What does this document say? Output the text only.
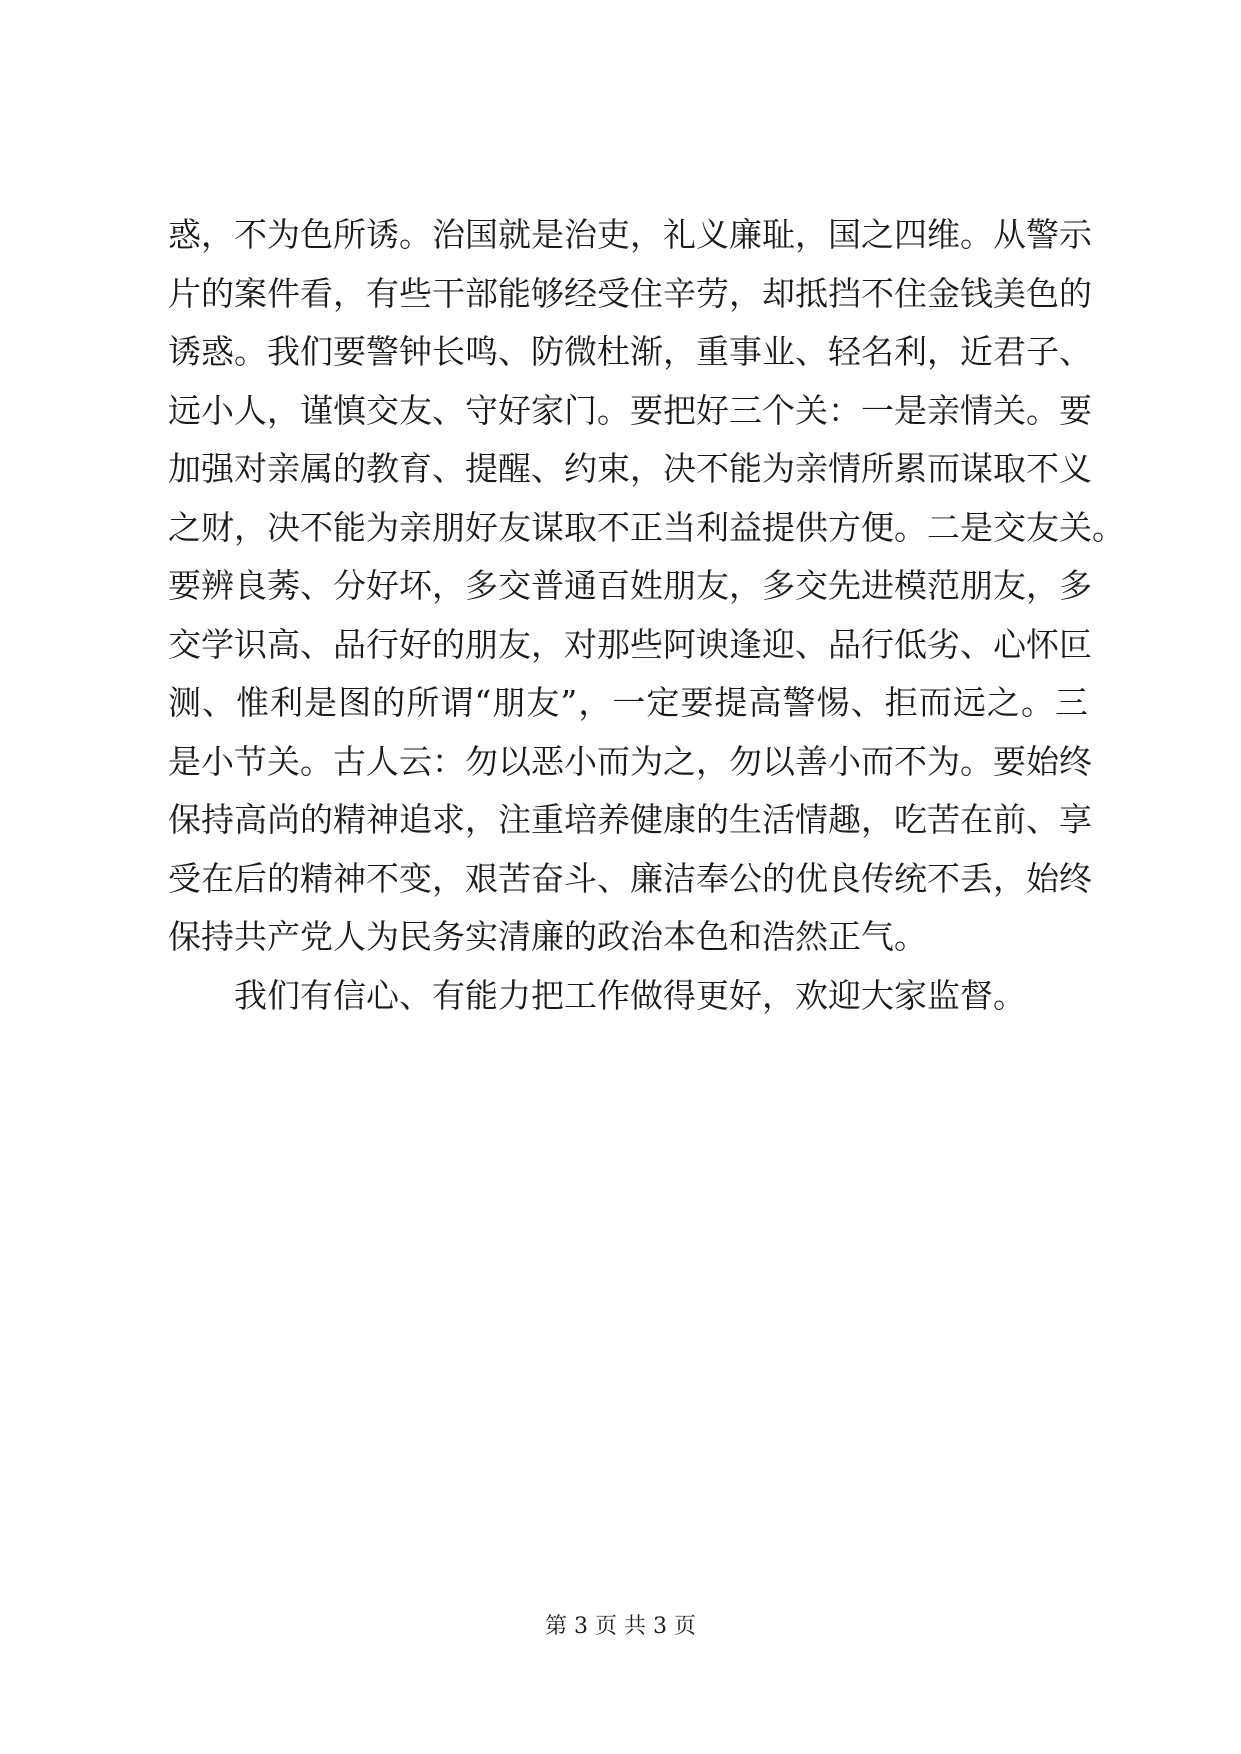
惑，不为色所诱。治国就是治吏，礼义廉耻，国之四维。从警示
片的案件看，有些干部能够经受住辛劳，却抵挡不住金钱美色的
诱惑。我们要警钟长鸣、防微杜渐，重事业、轻名利，近君子、
远小人，谨慎交友、守好家门。要把好三个关：一是亲情关。要
加强对亲属的教育、提醒、约束，决不能为亲情所累而谋取不义
之财，决不能为亲朋好友谋取不正当利益提供方便。二是交友关。
要辨良莠、分好坏，多交普通百姓朋友，多交先进模范朋友，多
交学识高、品行好的朋友，对那些阿谀逢迎、品行低劣、心怀叵
测、惟利是图的所谓“朋友”，一定要提高警惕、拒而远之。三
是小节关。古人云：勿以恶小而为之，勿以善小而不为。要始终
保持高尚的精神追求，注重培养健康的生活情趣，吃苦在前、享
受在后的精神不变，艰苦奋斗、廉洁奉公的优良传统不丢，始终
保持共产党人为民务实清廉的政治本色和浩然正气。
我们有信心、有能力把工作做得更好，欢迎大家监督。
第 3 页 共 3 页
